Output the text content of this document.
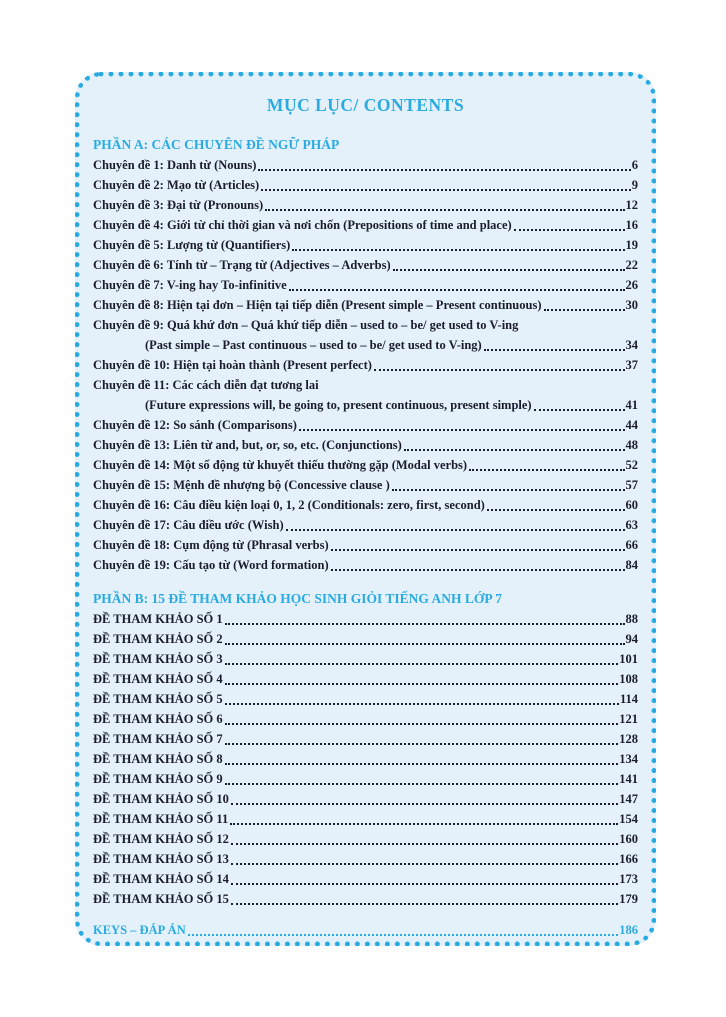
MỤC LỤC/ CONTENTS
PHẦN A: CÁC CHUYÊN ĐỀ NGỮ PHÁP
Chuyên đề 1: Danh từ (Nouns)	6
Chuyên đề 2: Mạo từ (Articles)	9
Chuyên đề 3: Đại từ (Pronouns)	12
Chuyên đề 4: Giới từ chỉ thời gian và nơi chốn (Prepositions of time and place)	16
Chuyên đề 5: Lượng từ (Quantifiers)	19
Chuyên đề 6: Tính từ – Trạng từ (Adjectives – Adverbs)	22
Chuyên đề 7: V-ing hay To-infinitive	26
Chuyên đề 8: Hiện tại đơn – Hiện tại tiếp diễn (Present simple – Present continuous)	30
Chuyên đề 9: Quá khứ đơn – Quá khứ tiếp diễn – used to – be/ get used to V-ing
(Past simple – Past continuous – used to – be/ get used to V-ing)	34
Chuyên đề 10: Hiện tại hoàn thành (Present perfect)	37
Chuyên đề 11: Các cách diễn đạt tương lai
(Future expressions will, be going to, present continuous, present simple)	41
Chuyên đề 12: So sánh (Comparisons)	44
Chuyên đề 13: Liên từ and, but, or, so, etc. (Conjunctions)	48
Chuyên đề 14: Một số động từ khuyết thiếu thường gặp (Modal verbs)	52
Chuyên đề 15: Mệnh đề nhượng bộ (Concessive clause )	57
Chuyên đề 16: Câu điều kiện loại 0, 1, 2 (Conditionals: zero, first, second)	60
Chuyên đề 17: Câu điều ước (Wish)	63
Chuyên đề 18: Cụm động từ (Phrasal verbs)	66
Chuyên đề 19: Cấu tạo từ (Word formation)	84
PHẦN B: 15 ĐỀ THAM KHẢO HỌC SINH GIỎI TIẾNG ANH LỚP 7
ĐỀ THAM KHẢO SỐ 1	88
ĐỀ THAM KHẢO SỐ 2	94
ĐỀ THAM KHẢO SỐ 3	101
ĐỀ THAM KHẢO SỐ 4	108
ĐỀ THAM KHẢO SỐ 5	114
ĐỀ THAM KHẢO SỐ 6	121
ĐỀ THAM KHẢO SỐ 7	128
ĐỀ THAM KHẢO SỐ 8	134
ĐỀ THAM KHẢO SỐ 9	141
ĐỀ THAM KHẢO SỐ 10	147
ĐỀ THAM KHẢO SỐ 11	154
ĐỀ THAM KHẢO SỐ 12	160
ĐỀ THAM KHẢO SỐ 13	166
ĐỀ THAM KHẢO SỐ 14	173
ĐỀ THAM KHẢO SỐ 15	179
KEYS – ĐÁP ÁN	186
